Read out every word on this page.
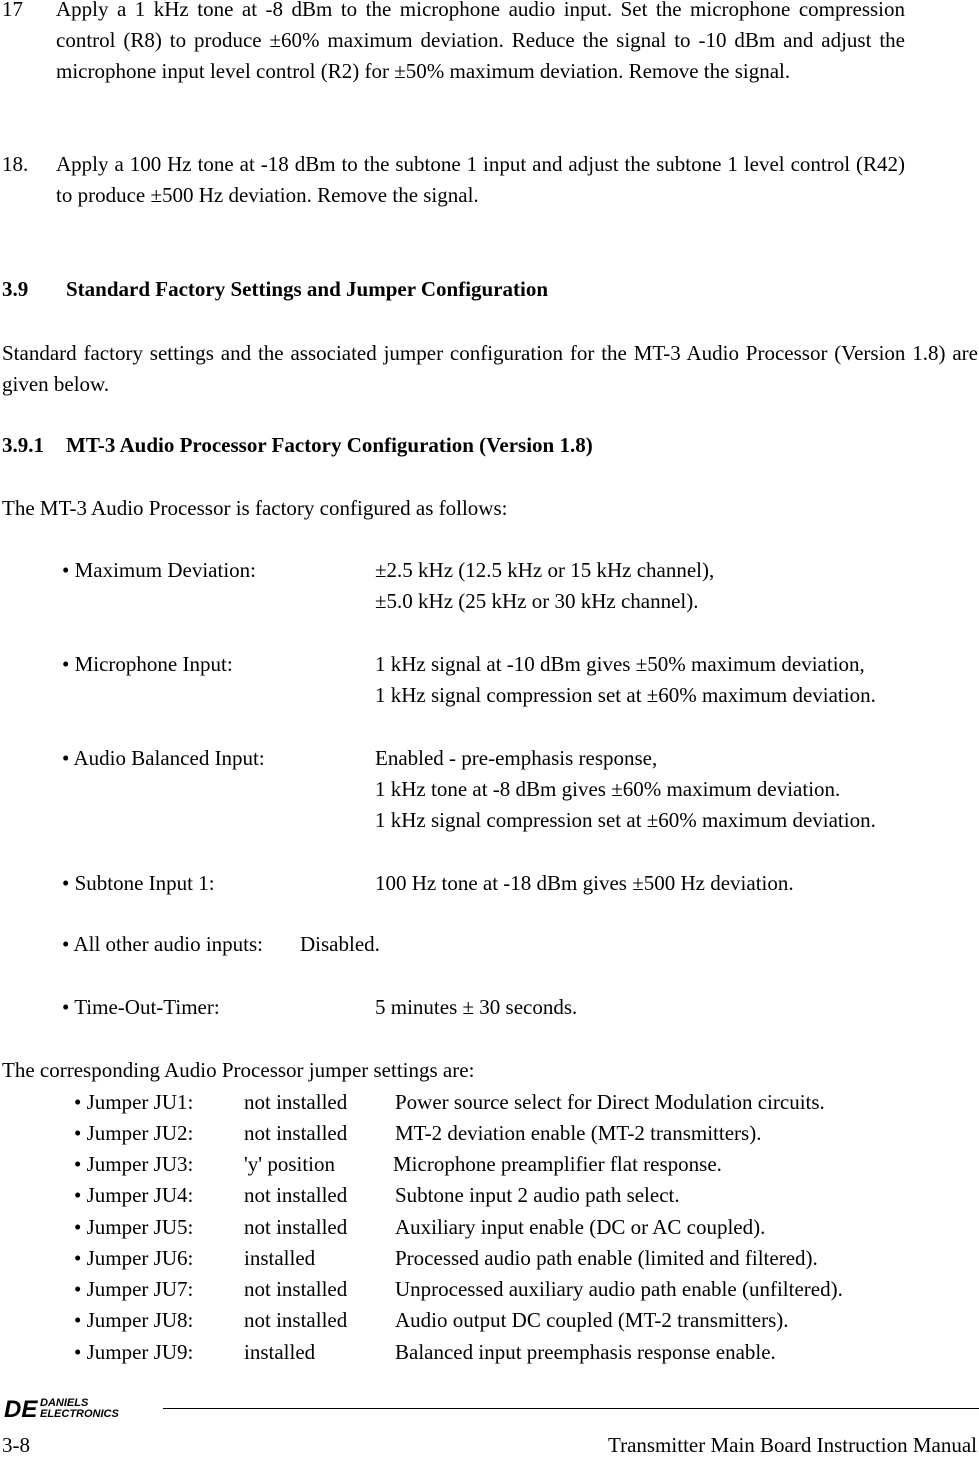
17 Apply a 1 kHz tone at -8 dBm to the microphone audio input. Set the microphone compression control (R8) to produce ±60% maximum deviation. Reduce the signal to -10 dBm and adjust the microphone input level control (R2) for ±50% maximum deviation. Remove the signal.
18. Apply a 100 Hz tone at -18 dBm to the subtone 1 input and adjust the subtone 1 level control (R42) to produce ±500 Hz deviation. Remove the signal.
3.9 Standard Factory Settings and Jumper Configuration
Standard factory settings and the associated jumper configuration for the MT-3 Audio Processor (Version 1.8) are given below.
3.9.1 MT-3 Audio Processor Factory Configuration (Version 1.8)
The MT-3 Audio Processor is factory configured as follows:
• Maximum Deviation:	±2.5 kHz (12.5 kHz or 15 kHz channel),
±5.0 kHz (25 kHz or 30 kHz channel).
• Microphone Input:	1 kHz signal at -10 dBm gives ±50% maximum deviation,
1 kHz signal compression set at ±60% maximum deviation.
• Audio Balanced Input:	Enabled - pre-emphasis response,
1 kHz tone at -8 dBm gives ±60% maximum deviation.
1 kHz signal compression set at ±60% maximum deviation.
• Subtone Input 1:	100 Hz tone at -18 dBm gives ±500 Hz deviation.
• All other audio inputs: Disabled.
• Time-Out-Timer:	5 minutes ± 30 seconds.
The corresponding Audio Processor jumper settings are:
• Jumper JU1: not installed Power source select for Direct Modulation circuits.
• Jumper JU2: not installed MT-2 deviation enable (MT-2 transmitters).
• Jumper JU3: 'y' position	Microphone preamplifier flat response.
• Jumper JU4: not installed Subtone input 2 audio path select.
• Jumper JU5: not installed Auxiliary input enable (DC or AC coupled).
• Jumper JU6: installed	Processed audio path enable (limited and filtered).
• Jumper JU7: not installed Unprocessed auxiliary audio path enable (unfiltered).
• Jumper JU8: not installed Audio output DC coupled (MT-2 transmitters).
• Jumper JU9: installed	Balanced input preemphasis response enable.
DE DANIELS
ELECTRONICS
3-8	Transmitter Main Board Instruction Manual
